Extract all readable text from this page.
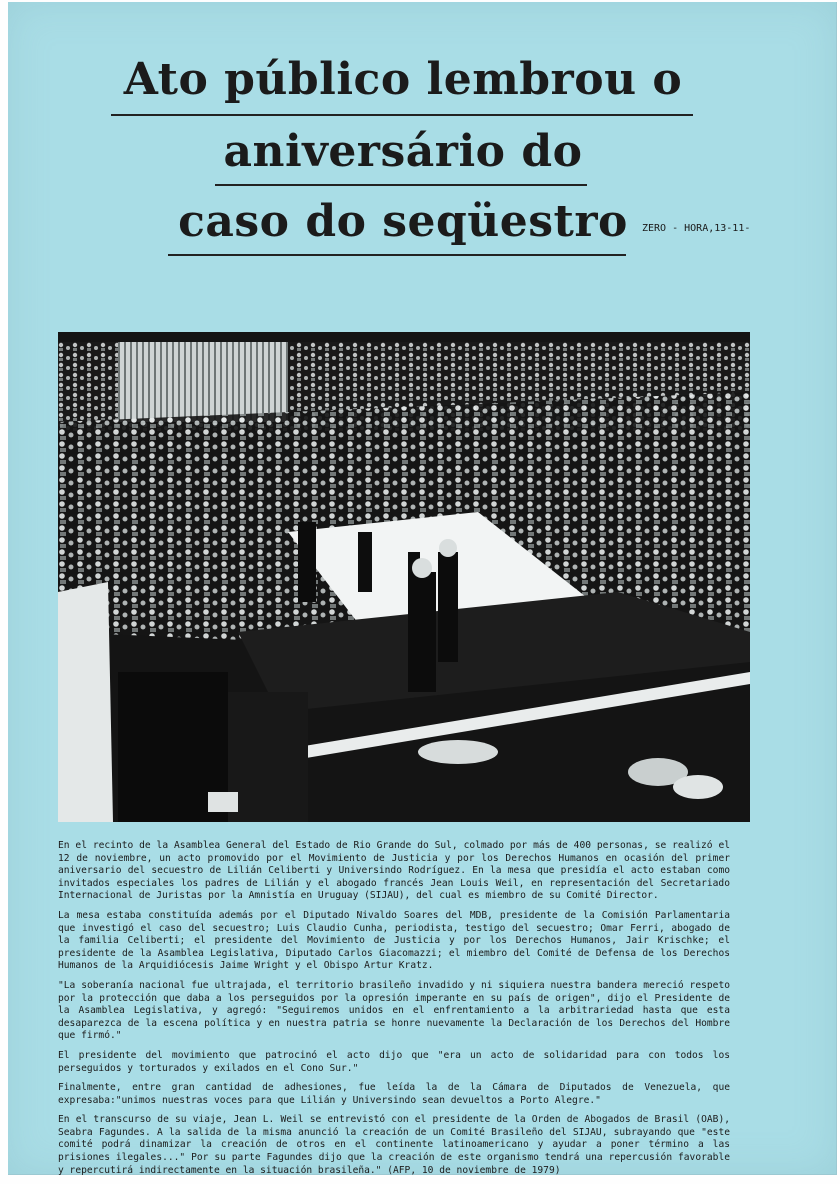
Ato público lembrou o
aniversário do
caso do seqüestro	ZERO - HORA,13-11-

En el recinto de la Asamblea General del Estado de Rio Grande do Sul, colmado por más de 400 personas, se realizó el 12 de noviembre, un acto promovido por el Movimiento de Justicia y por los Derechos Humanos en ocasión del primer aniversario del secuestro de Lilián Celiberti y Universindo Rodríguez. En la mesa que presidía el acto estaban como invitados especiales los padres de Lilián y el abogado francés Jean Louis Weil, en representación del Secretariado Internacional de Juristas por la Amnistía en Uruguay (SIJAU), del cual es miembro de su Comité Director.

La mesa estaba constituída además por el Diputado Nivaldo Soares del MDB, presidente de la Comisión Parlamentaria que investigó el caso del secuestro; Luis Claudio Cunha, periodista, testigo del secuestro; Omar Ferri, abogado de la familia Celiberti; el presidente del Movimiento de Justicia y por los Derechos Humanos, Jair Krischke; el presidente de la Asamblea Legislativa, Diputado Carlos Giacomazzi; el miembro del Comité de Defensa de los Derechos Humanos de la Arquidiócesis Jaime Wright y el Obispo Artur Kratz.

"La soberanía nacional fue ultrajada, el territorio brasileño invadido y ni siquiera nuestra bandera mereció respeto por la protección que daba a los perseguidos por la opresión imperante en su país de origen", dijo el Presidente de la Asamblea Legislativa, y agregó: "Seguiremos unidos en el enfrentamiento a la arbitrariedad hasta que esta desaparezca de la escena política y en nuestra patria se honre nuevamente la Declaración de los Derechos del Hombre que firmó."

El presidente del movimiento que patrocinó el acto dijo que "era un acto de solidaridad para con todos los perseguidos y torturados y exilados en el Cono Sur."

Finalmente, entre gran cantidad de adhesiones, fue leída la de la Cámara de Diputados de Venezuela, que expresaba:"unimos nuestras voces para que Lilián y Universindo sean devueltos a Porto Alegre."

En el transcurso de su viaje, Jean L. Weil se entrevistó con el presidente de la Orden de Abogados de Brasil (OAB), Seabra Fagundes. A la salida de la misma anunció la creación de un Comité Brasileño del SIJAU, subrayando que "este comité podrá dinamizar la creación de otros en el continente latinoamericano y ayudar a poner término a las prisiones ilegales..." Por su parte Fagundes dijo que la creación de este organismo tendrá una repercusión favorable y repercutirá indirectamente en la situación brasileña." (AFP, 10 de noviembre de 1979)
